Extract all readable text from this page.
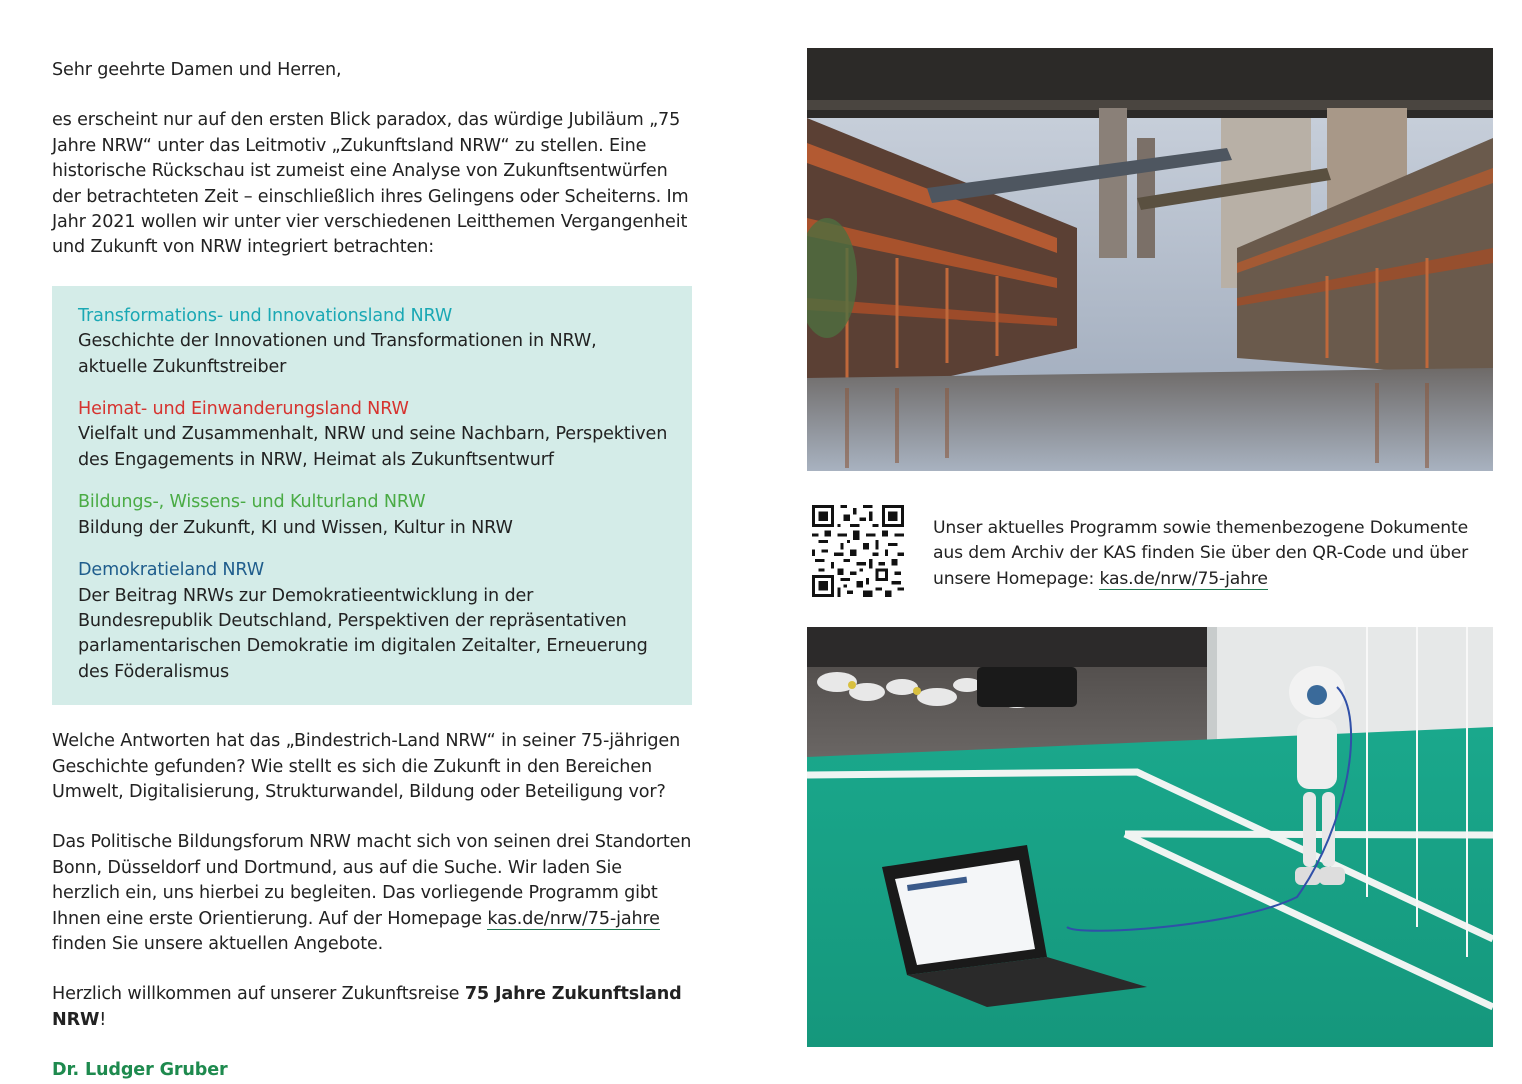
Sehr geehrte Damen und Herren,

es erscheint nur auf den ersten Blick paradox, das würdige Jubiläum „75 Jahre NRW“ unter das Leitmotiv „Zukunftsland NRW“ zu stellen. Eine historische Rückschau ist zumeist eine Analyse von Zukunftsentwürfen der betrachteten Zeit – einschließlich ihres Gelingens oder Scheiterns. Im Jahr 2021 wollen wir unter vier verschiedenen Leitthemen Vergangenheit und Zukunft von NRW integriert betrachten:

Transformations- und Innovationsland NRW

Geschichte der Innovationen und Transformationen in NRW, aktuelle Zukunftstreiber

Heimat- und Einwanderungsland NRW

Vielfalt und Zusammenhalt, NRW und seine Nachbarn, Perspektiven des Engagements in NRW, Heimat als Zukunftsentwurf

Bildungs-, Wissens- und Kulturland NRW

Bildung der Zukunft, KI und Wissen, Kultur in NRW

Demokratieland NRW

Der Beitrag NRWs zur Demokratieentwicklung in der Bundesrepublik Deutschland, Perspektiven der repräsentativen parlamentarischen Demokratie im digitalen Zeitalter, Erneuerung des Föderalismus

Welche Antworten hat das „Bindestrich-Land NRW“ in seiner 75-jährigen Geschichte gefunden? Wie stellt es sich die Zukunft in den Bereichen Umwelt, Digitalisierung, Strukturwandel, Bildung oder Beteiligung vor?

Das Politische Bildungsforum NRW macht sich von seinen drei Standorten Bonn, Düsseldorf und Dortmund, aus auf die Suche. Wir laden Sie herzlich ein, uns hierbei zu begleiten. Das vorliegende Programm gibt Ihnen eine erste Orientierung. Auf der Homepage kas.de/nrw/75-jahre finden Sie unsere aktuellen Angebote.

Herzlich willkommen auf unserer Zukunftsreise 75 Jahre Zukunftsland NRW!

Dr. Ludger Gruber

Unser aktuelles Programm sowie themenbezogene Dokumente aus dem Archiv der KAS finden Sie über den QR-Code und über unsere Homepage: kas.de/nrw/75-jahre
